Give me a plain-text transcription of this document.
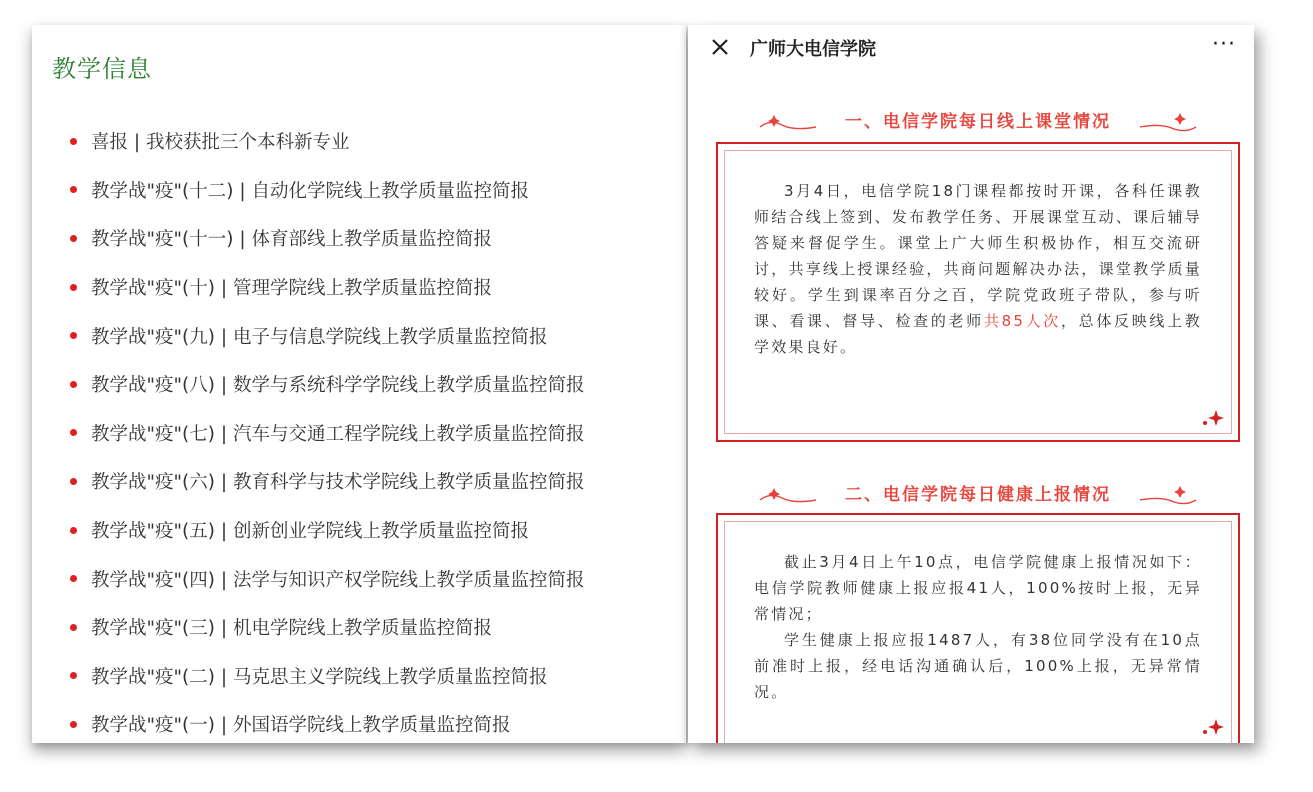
教学信息
喜报 | 我校获批三个本科新专业
教学战"疫"(十二) | 自动化学院线上教学质量监控简报
教学战"疫"(十一) | 体育部线上教学质量监控简报
教学战"疫"(十) | 管理学院线上教学质量监控简报
教学战"疫"(九) | 电子与信息学院线上教学质量监控简报
教学战"疫"(八) | 数学与系统科学学院线上教学质量监控简报
教学战"疫"(七) | 汽车与交通工程学院线上教学质量监控简报
教学战"疫"(六) | 教育科学与技术学院线上教学质量监控简报
教学战"疫"(五) | 创新创业学院线上教学质量监控简报
教学战"疫"(四) | 法学与知识产权学院线上教学质量监控简报
教学战"疫"(三) | 机电学院线上教学质量监控简报
教学战"疫"(二) | 马克思主义学院线上教学质量监控简报
教学战"疫"(一) | 外国语学院线上教学质量监控简报
广师大电信学院	···
一、电信学院每日线上课堂情况
3月4日，电信学院18门课程都按时开课，各科任课教师结合线上签到、发布教学任务、开展课堂互动、课后辅导答疑来督促学生。课堂上广大师生积极协作，相互交流研讨，共享线上授课经验，共商问题解决办法，课堂教学质量较好。学生到课率百分之百，学院党政班子带队，参与听课、看课、督导、检查的老师共85人次，总体反映线上教学效果良好。
二、电信学院每日健康上报情况
截止3月4日上午10点，电信学院健康上报情况如下：电信学院教师健康上报应报41人，100%按时上报，无异常情况；
学生健康上报应报1487人，有38位同学没有在10点前准时上报，经电话沟通确认后，100%上报，无异常情况。
